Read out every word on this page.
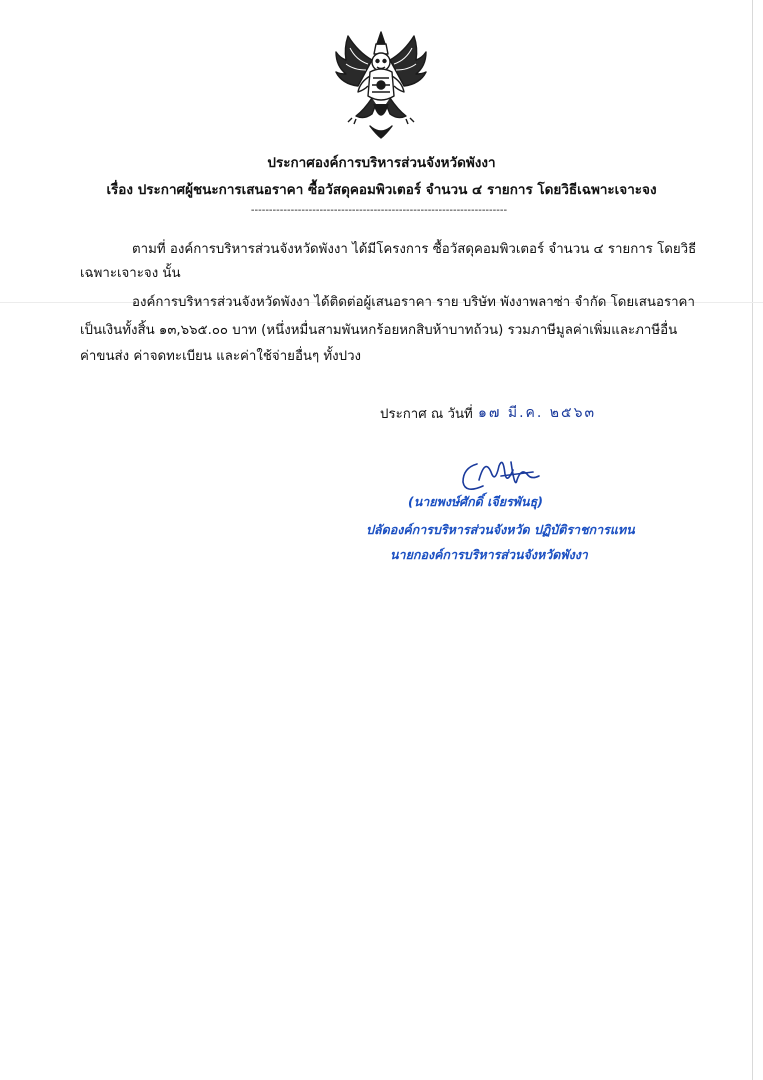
ประกาศองค์การบริหารส่วนจังหวัดพังงา
เรื่อง ประกาศผู้ชนะการเสนอราคา ซื้อวัสดุคอมพิวเตอร์ จำนวน ๔ รายการ โดยวิธีเฉพาะเจาะจง
-----------------------------------------------------------------------
ตามที่ องค์การบริหารส่วนจังหวัดพังงา ได้มีโครงการ ซื้อวัสดุคอมพิวเตอร์ จำนวน ๔ รายการ โดยวิธี
เฉพาะเจาะจง นั้น
องค์การบริหารส่วนจังหวัดพังงา ได้ติดต่อผู้เสนอราคา ราย บริษัท พังงาพลาซ่า จำกัด โดยเสนอราคา
เป็นเงินทั้งสิ้น ๑๓,๖๖๕.๐๐ บาท (หนึ่งหมื่นสามพันหกร้อยหกสิบห้าบาทถ้วน) รวมภาษีมูลค่าเพิ่มและภาษีอื่น
ค่าขนส่ง ค่าจดทะเบียน และค่าใช้จ่ายอื่นๆ ทั้งปวง
ประกาศ ณ วันที่ ๑๗ มี.ค. ๒๕๖๓
(นายพงษ์ศักดิ์ เจียรพันธุ)
ปลัดองค์การบริหารส่วนจังหวัด ปฏิบัติราชการแทน
นายกองค์การบริหารส่วนจังหวัดพังงา
